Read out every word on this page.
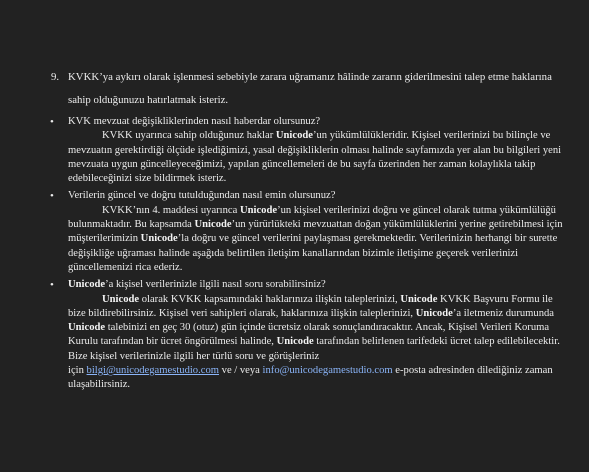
9. KVKK’ya aykırı olarak işlenmesi sebebiyle zarara uğramanız hâlinde zararın giderilmesini talep etme haklarına sahip olduğunuzu hatırlatmak isteriz.
• KVK mevzuat değişikliklerinden nasıl haberdar olursunuz?
KVKK uyarınca sahip olduğunuz haklar Unicode’un yükümlülükleridir. Kişisel verilerinizi bu bilinçle ve mevzuatın gerektirdiği ölçüde işlediğimizi, yasal değişikliklerin olması halinde sayfamızda yer alan bu bilgileri yeni mevzuata uygun güncelleyeceğimizi, yapılan güncellemeleri de bu sayfa üzerinden her zaman kolaylıkla takip edebileceğinizi size bildirmek isteriz.
• Verilerin güncel ve doğru tutulduğundan nasıl emin olursunuz?
KVKK’nın 4. maddesi uyarınca Unicode’un kişisel verilerinizi doğru ve güncel olarak tutma yükümlülüğü bulunmaktadır. Bu kapsamda Unicode’un yürürlükteki mevzuattan doğan yükümlülüklerini yerine getirebilmesi için müşterilerimizin Unicode’la doğru ve güncel verilerini paylaşması gerekmektedir. Verilerinizin herhangi bir surette değişikliğe uğraması halinde aşağıda belirtilen iletişim kanallarından bizimle iletişime geçerek verilerinizi güncellemenizi rica ederiz.
• Unicode’a kişisel verilerinizle ilgili nasıl soru sorabilirsiniz?
Unicode olarak KVKK kapsamındaki haklarınıza ilişkin taleplerinizi, Unicode KVKK Başvuru Formu ile bize bildirebilirsiniz. Kişisel veri sahipleri olarak, haklarınıza ilişkin taleplerinizi, Unicode’a iletmeniz durumunda Unicode talebinizi en geç 30 (otuz) gün içinde ücretsiz olarak sonuçlandıracaktır. Ancak, Kişisel Verileri Koruma Kurulu tarafından bir ücret öngörülmesi halinde, Unicode tarafından belirlenen tarifedeki ücret talep edilebilecektir.
Bize kişisel verilerinizle ilgili her türlü soru ve görüşleriniz
için bilgi@unicodegamestudio.com ve / veya info@unicodegamestudio.com e-posta adresinden dilediğiniz zaman ulaşabilirsiniz.
